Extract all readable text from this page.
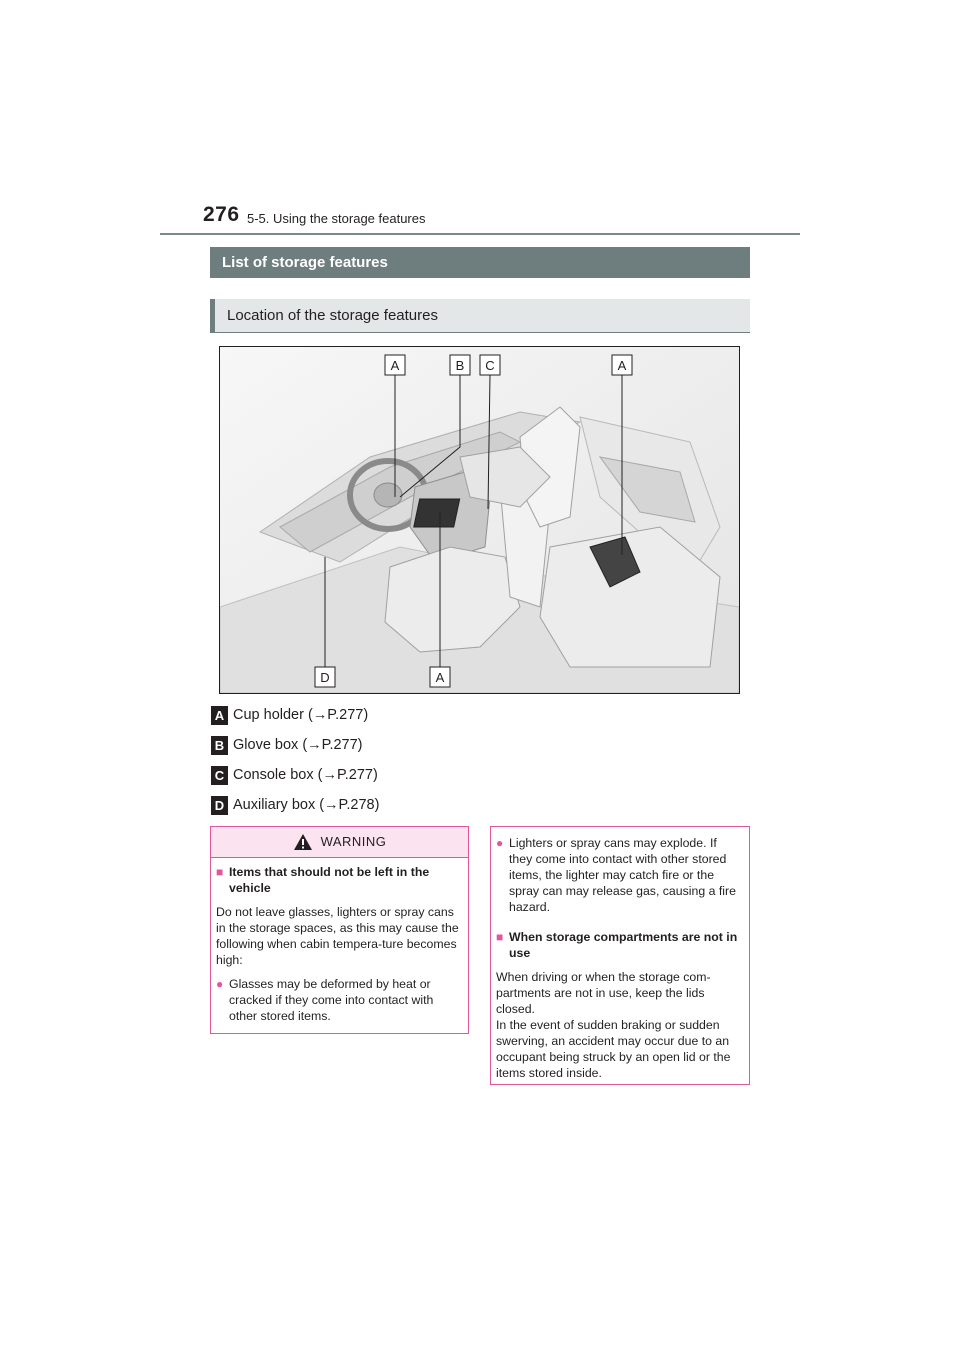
276 5-5. Using the storage features
List of storage features
Location of the storage features
A	B C	A
D	A
A Cup holder (→P.277)
B Glove box (→P.277)
C Console box (→P.277)
D Auxiliary box (→P.278)
WARNING
■ Items that should not be left in the vehicle
Do not leave glasses, lighters or spray cans in the storage spaces, as this may cause the following when cabin tempera-ture becomes high:
● Glasses may be deformed by heat or cracked if they come into contact with other stored items.
● Lighters or spray cans may explode. If they come into contact with other stored items, the lighter may catch fire or the spray can may release gas, causing a fire hazard.
■ When storage compartments are not in use
When driving or when the storage com-partments are not in use, keep the lids closed.
In the event of sudden braking or sudden swerving, an accident may occur due to an occupant being struck by an open lid or the items stored inside.
